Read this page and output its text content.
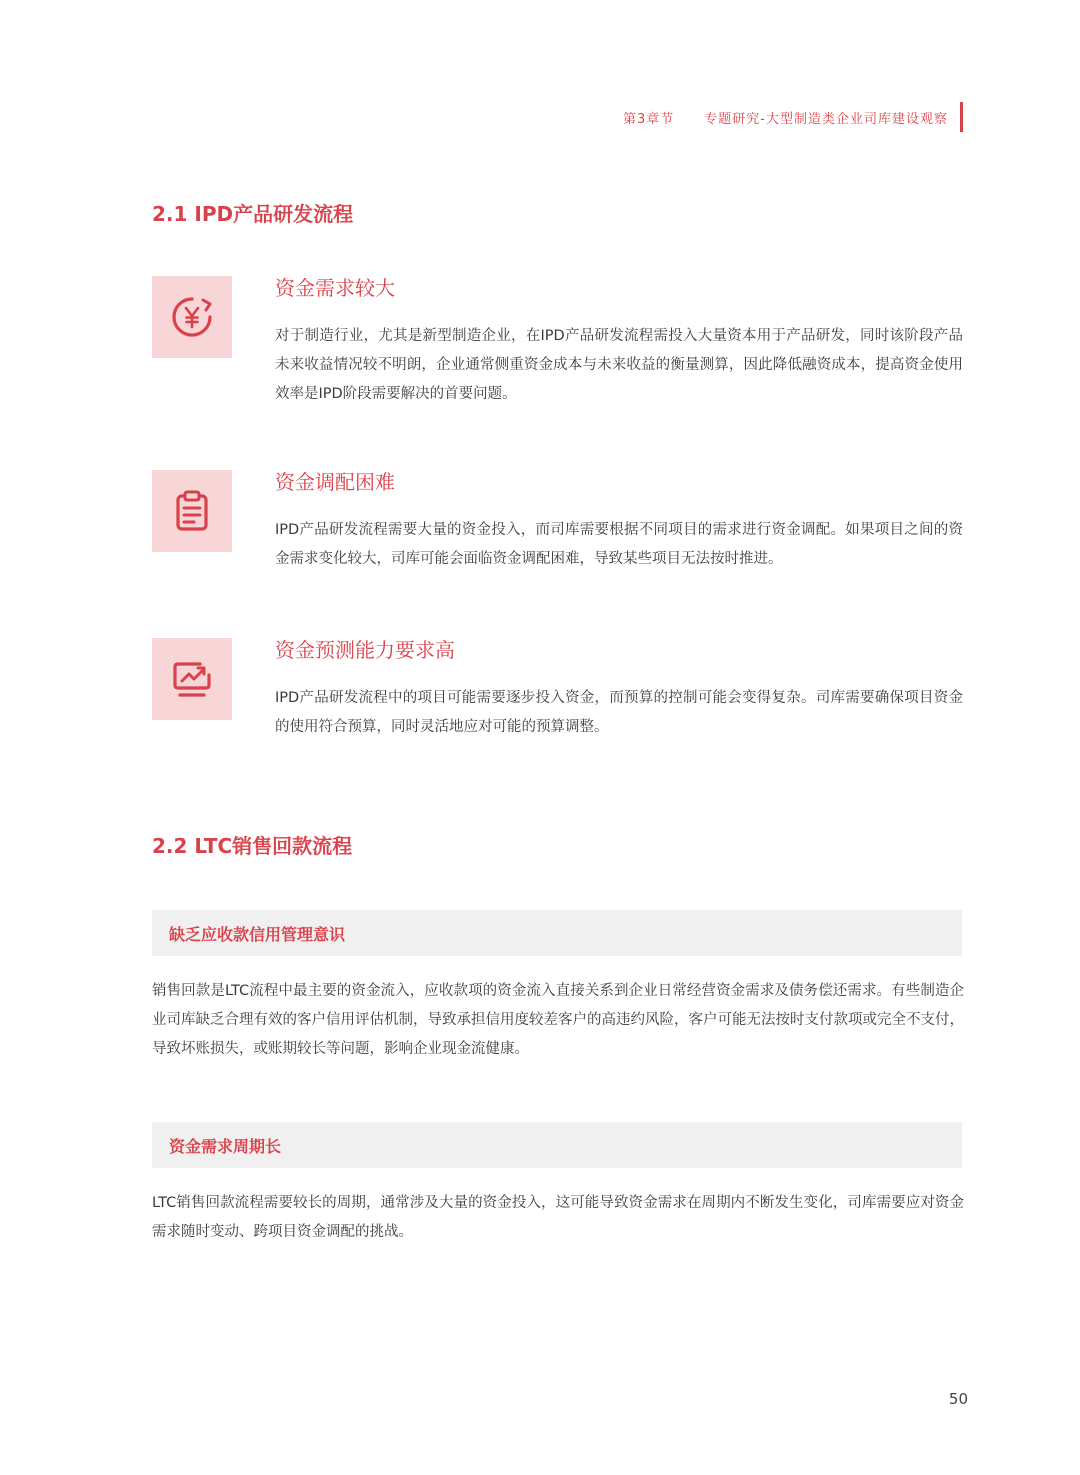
第3章节 专题研究-大型制造类企业司库建设观察
2.1 IPD产品研发流程
资金需求较大

对于制造行业，尤其是新型制造企业，在IPD产品研发流程需投入大量资本用于产品研发，同时该阶段产品未来收益情况较不明朗，企业通常侧重资金成本与未来收益的衡量测算，因此降低融资成本，提高资金使用效率是IPD阶段需要解决的首要问题。

资金调配困难

IPD产品研发流程需要大量的资金投入，而司库需要根据不同项目的需求进行资金调配。如果项目之间的资金需求变化较大，司库可能会面临资金调配困难，导致某些项目无法按时推进。

资金预测能力要求高

IPD产品研发流程中的项目可能需要逐步投入资金，而预算的控制可能会变得复杂。司库需要确保项目资金的使用符合预算，同时灵活地应对可能的预算调整。

2.2 LTC销售回款流程
缺乏应收款信用管理意识

销售回款是LTC流程中最主要的资金流入，应收款项的资金流入直接关系到企业日常经营资金需求及债务偿还需求。有些制造企业司库缺乏合理有效的客户信用评估机制，导致承担信用度较差客户的高违约风险，客户可能无法按时支付款项或完全不支付，导致坏账损失，或账期较长等问题，影响企业现金流健康。

资金需求周期长

LTC销售回款流程需要较长的周期，通常涉及大量的资金投入，这可能导致资金需求在周期内不断发生变化，司库需要应对资金需求随时变动、跨项目资金调配的挑战。

50
